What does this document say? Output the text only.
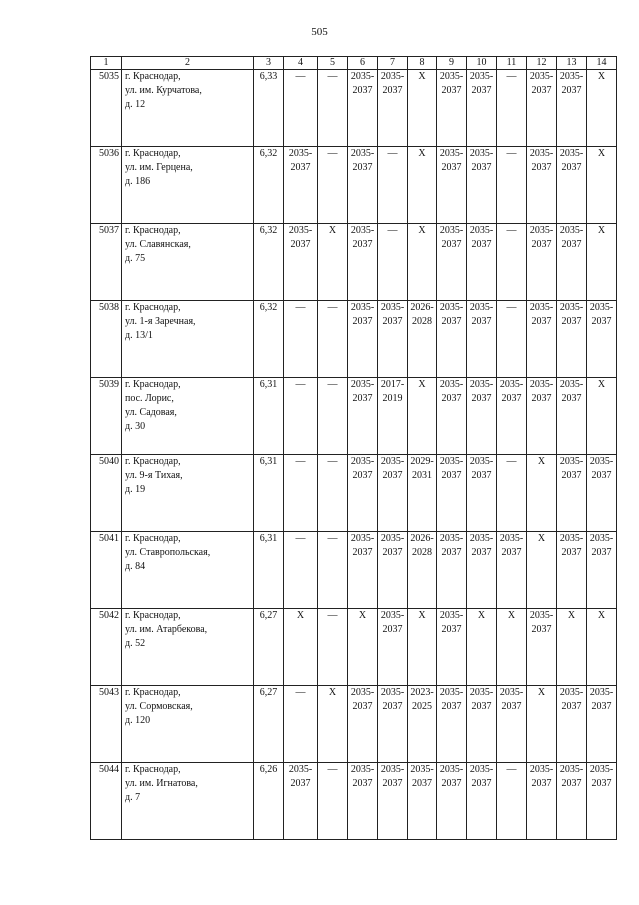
505
1	2	3	4	5	6	7	8	9	10	11	12	13	14
5035	г. Краснодар,
ул. им. Курчатова,
д. 12	6,33	—	—	2035-2037	2035-2037	Х	2035-2037	2035-2037	—	2035-2037	2035-2037	Х
5036	г. Краснодар,
ул. им. Герцена,
д. 186	6,32	2035-2037	—	2035-2037	—	Х	2035-2037	2035-2037	—	2035-2037	2035-2037	Х
5037	г. Краснодар,
ул. Славянская,
д. 75	6,32	2035-2037	Х	2035-2037	—	Х	2035-2037	2035-2037	—	2035-2037	2035-2037	Х
5038	г. Краснодар,
ул. 1-я Заречная,
д. 13/1	6,32	—	—	2035-2037	2035-2037	2026-2028	2035-2037	2035-2037	—	2035-2037	2035-2037	2035-2037
5039	г. Краснодар,
пос. Лорис,
ул. Садовая,
д. 30	6,31	—	—	2035-2037	2017-2019	Х	2035-2037	2035-2037	2035-2037	2035-2037	2035-2037	Х
5040	г. Краснодар,
ул. 9-я Тихая,
д. 19	6,31	—	—	2035-2037	2035-2037	2029-2031	2035-2037	2035-2037	—	Х	2035-2037	2035-2037
5041	г. Краснодар,
ул. Ставропольская,
д. 84	6,31	—	—	2035-2037	2035-2037	2026-2028	2035-2037	2035-2037	2035-2037	Х	2035-2037	2035-2037
5042	г. Краснодар,
ул. им. Атарбекова,
д. 52	6,27	Х	—	Х	2035-2037	Х	2035-2037	Х	Х	2035-2037	Х	Х
5043	г. Краснодар,
ул. Сормовская,
д. 120	6,27	—	Х	2035-2037	2035-2037	2023-2025	2035-2037	2035-2037	2035-2037	Х	2035-2037	2035-2037
5044	г. Краснодар,
ул. им. Игнатова,
д. 7	6,26	2035-2037	—	2035-2037	2035-2037	2035-2037	2035-2037	2035-2037	—	2035-2037	2035-2037	2035-2037
